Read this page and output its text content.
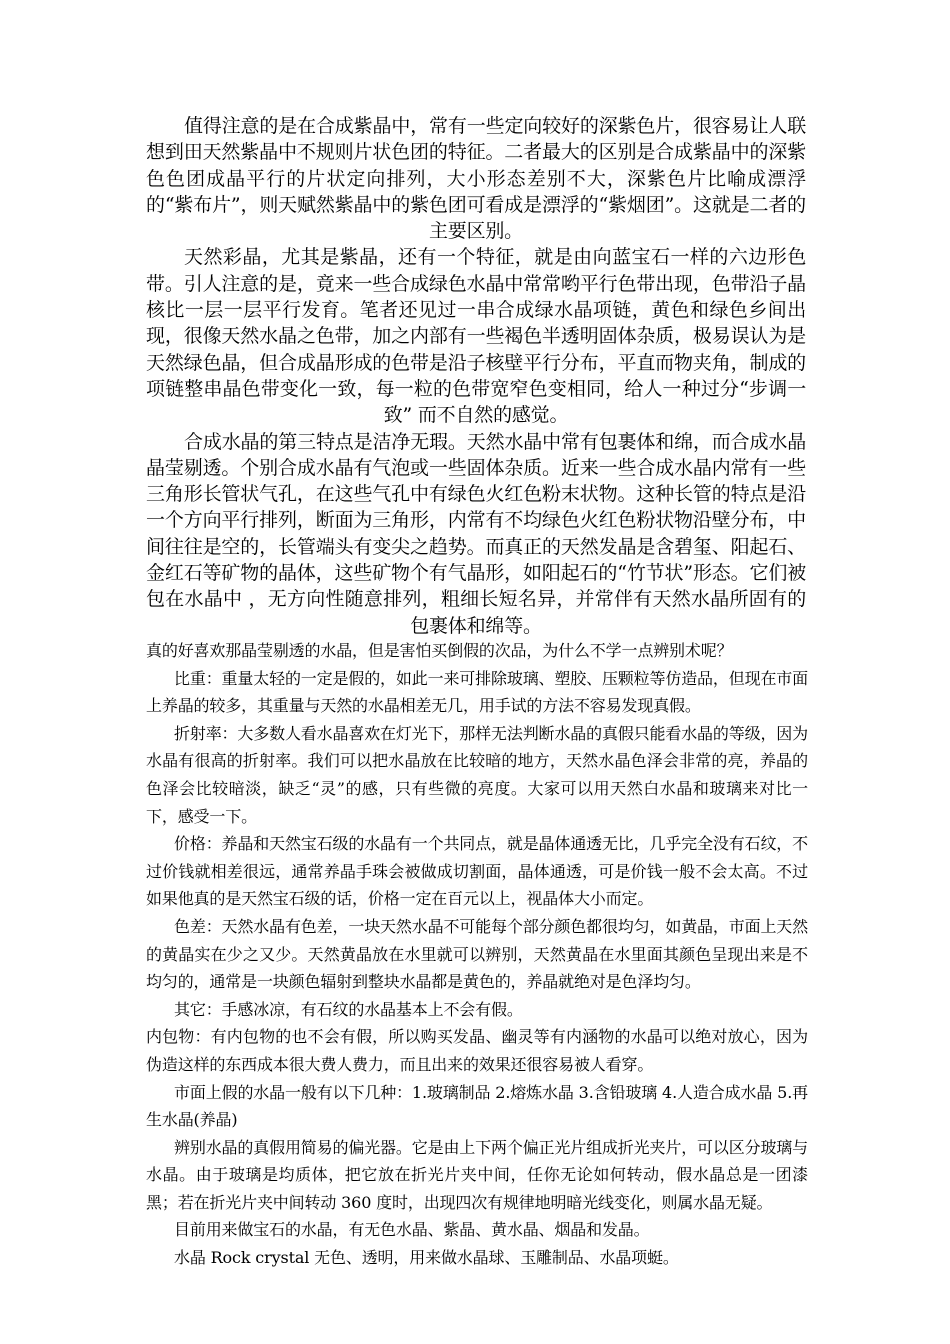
值得注意的是在合成紫晶中，常有一些定向较好的深紫色片，很容易让人联想到田天然紫晶中不规则片状色团的特征。二者最大的区别是合成紫晶中的深紫色色团成晶平行的片状定向排列，大小形态差别不大，深紫色片比喻成漂浮的“紫布片”，则天赋然紫晶中的紫色团可看成是漂浮的“紫烟团”。这就是二者的主要区别。

天然彩晶，尤其是紫晶，还有一个特征，就是由向蓝宝石一样的六边形色带。引人注意的是，竟来一些合成绿色水晶中常常哟平行色带出现，色带沿子晶核比一层一层平行发育。笔者还见过一串合成绿水晶项链，黄色和绿色乡间出现，很像天然水晶之色带，加之内部有一些褐色半透明固体杂质，极易误认为是天然绿色晶，但合成晶形成的色带是沿子核壁平行分布，平直而物夹角，制成的项链整串晶色带变化一致，每一粒的色带宽窄色变相同，给人一种过分“步调一致” 而不自然的感觉。

合成水晶的第三特点是洁净无瑕。天然水晶中常有包裹体和绵，而合成水晶晶莹剔透。个别合成水晶有气泡或一些固体杂质。近来一些合成水晶内常有一些三角形长管状气孔，在这些气孔中有绿色火红色粉末状物。这种长管的特点是沿一个方向平行排列，断面为三角形，内常有不均绿色火红色粉状物沿壁分布，中间往往是空的，长管端头有变尖之趋势。而真正的天然发晶是含碧玺、阳起石、金红石等矿物的晶体，这些矿物个有气晶形，如阳起石的“竹节状”形态。它们被包在水晶中 ，无方向性随意排列，粗细长短名异，并常伴有天然水晶所固有的包裹体和绵等。

真的好喜欢那晶莹剔透的水晶，但是害怕买倒假的次品，为什么不学一点辨别术呢？

比重：重量太轻的一定是假的，如此一来可排除玻璃、塑胶、压颗粒等仿造品，但现在市面上养晶的较多，其重量与天然的水晶相差无几，用手试的方法不容易发现真假。

折射率：大多数人看水晶喜欢在灯光下，那样无法判断水晶的真假只能看水晶的等级，因为水晶有很高的折射率。我们可以把水晶放在比较暗的地方，天然水晶色泽会非常的亮，养晶的色泽会比较暗淡，缺乏“灵”的感，只有些微的亮度。大家可以用天然白水晶和玻璃来对比一下，感受一下。

价格：养晶和天然宝石级的水晶有一个共同点，就是晶体通透无比，几乎完全没有石纹，不过价钱就相差很远，通常养晶手珠会被做成切割面，晶体通透，可是价钱一般不会太高。不过如果他真的是天然宝石级的话，价格一定在百元以上，视晶体大小而定。

色差：天然水晶有色差，一块天然水晶不可能每个部分颜色都很均匀，如黄晶，市面上天然的黄晶实在少之又少。天然黄晶放在水里就可以辨别，天然黄晶在水里面其颜色呈现出来是不均匀的，通常是一块颜色辐射到整块水晶都是黄色的，养晶就绝对是色泽均匀。

其它：手感冰凉，有石纹的水晶基本上不会有假。

内包物：有内包物的也不会有假，所以购买发晶、幽灵等有内涵物的水晶可以绝对放心，因为伪造这样的东西成本很大费人费力，而且出来的效果还很容易被人看穿。

市面上假的水晶一般有以下几种：1.玻璃制品 2.熔炼水晶 3.含铅玻璃 4.人造合成水晶 5.再生水晶(养晶)

辨别水晶的真假用简易的偏光器。它是由上下两个偏正光片组成折光夹片，可以区分玻璃与水晶。由于玻璃是均质体，把它放在折光片夹中间，任你无论如何转动，假水晶总是一团漆黑；若在折光片夹中间转动 360 度时，出现四次有规律地明暗光线变化，则属水晶无疑。

目前用来做宝石的水晶，有无色水晶、紫晶、黄水晶、烟晶和发晶。

水晶 Rock crystal 无色、透明，用来做水晶球、玉雕制品、水晶项蜓。
